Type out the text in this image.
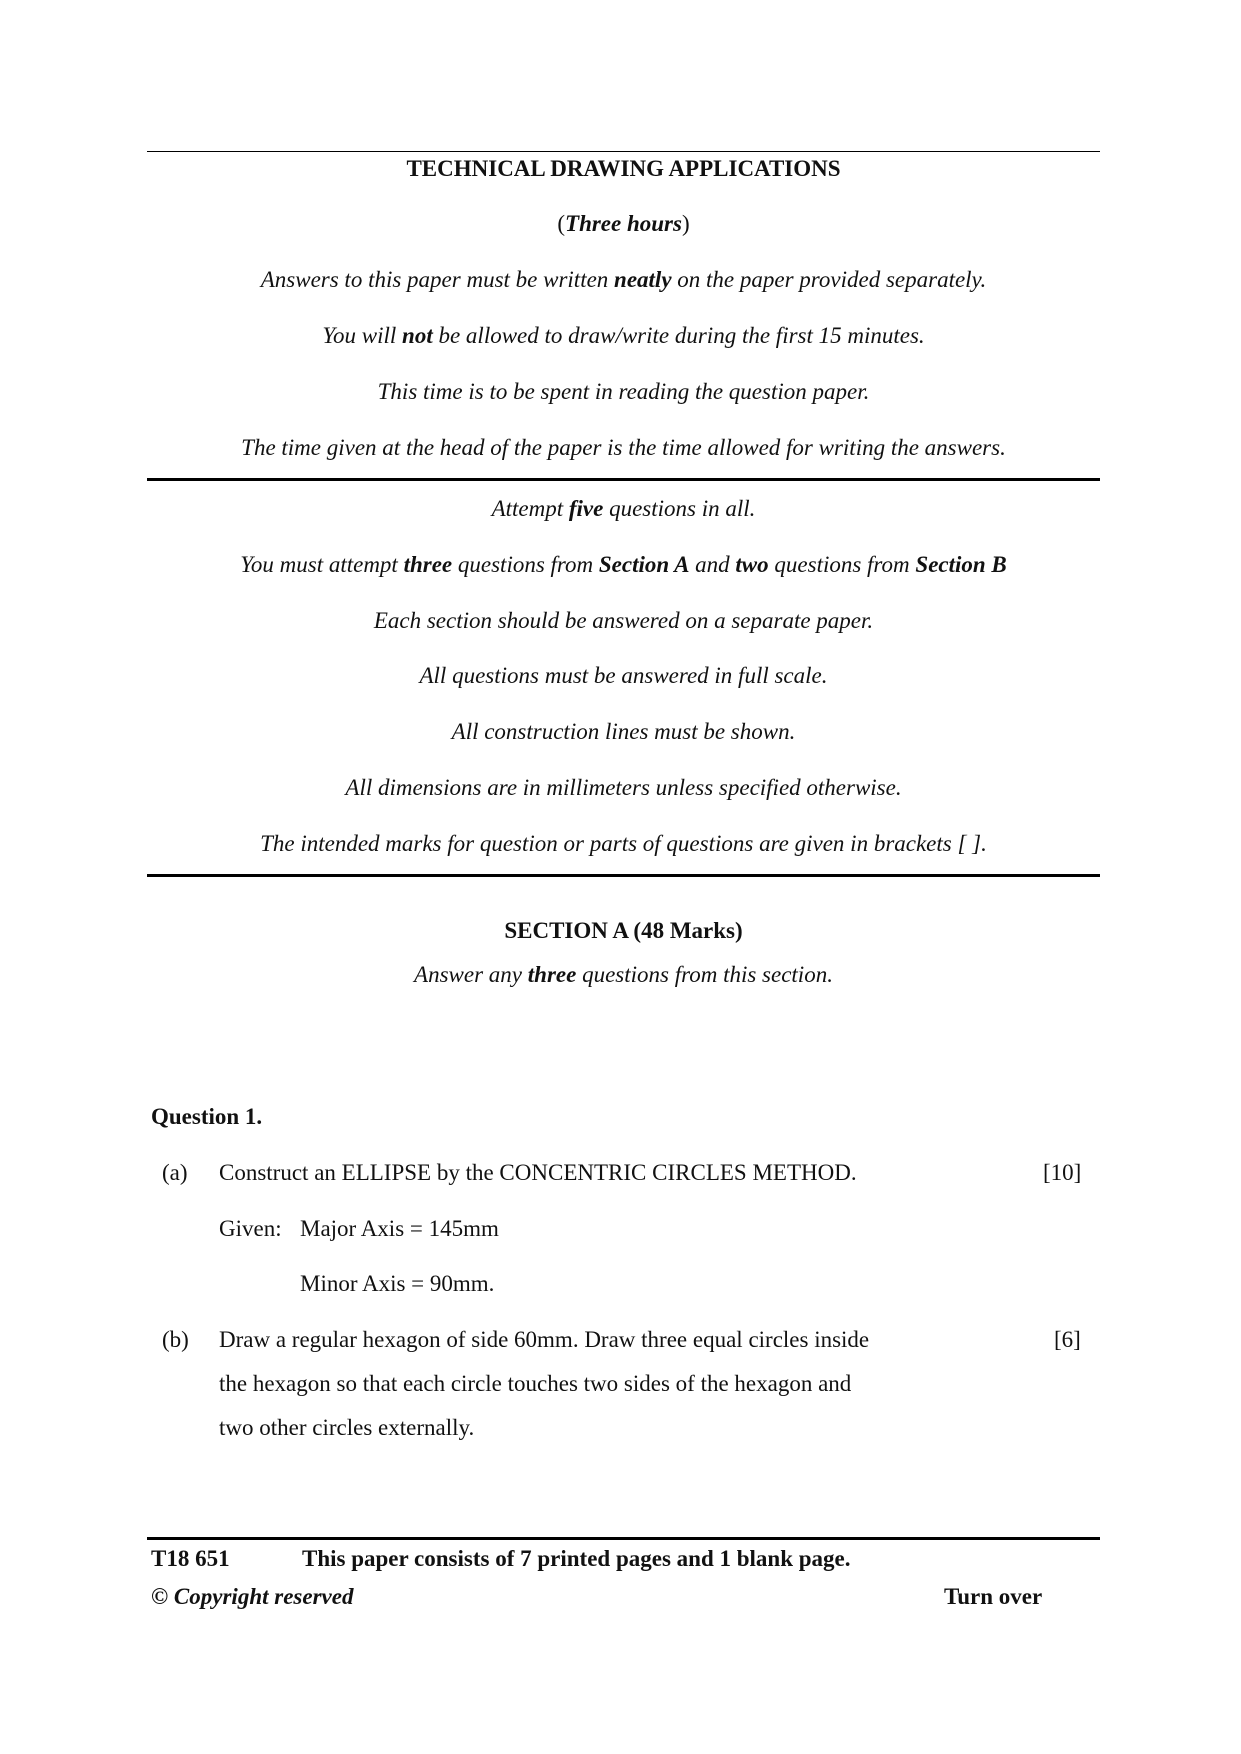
TECHNICAL DRAWING APPLICATIONS
(Three hours)
Answers to this paper must be written neatly on the paper provided separately.
You will not be allowed to draw/write during the first 15 minutes.
This time is to be spent in reading the question paper.
The time given at the head of the paper is the time allowed for writing the answers.
Attempt five questions in all.
You must attempt three questions from Section A and two questions from Section B
Each section should be answered on a separate paper.
All questions must be answered in full scale.
All construction lines must be shown.
All dimensions are in millimeters unless specified otherwise.
The intended marks for question or parts of questions are given in brackets [ ].
SECTION A (48 Marks)
Answer any three questions from this section.
Question 1.
(a) Construct an ELLIPSE by the CONCENTRIC CIRCLES METHOD.	[10]
Given: Major Axis = 145mm
Minor Axis = 90mm.
(b) Draw a regular hexagon of side 60mm. Draw three equal circles inside	[6]
the hexagon so that each circle touches two sides of the hexagon and
two other circles externally.
T18 651	This paper consists of 7 printed pages and 1 blank page.
© Copyright reserved	Turn over
